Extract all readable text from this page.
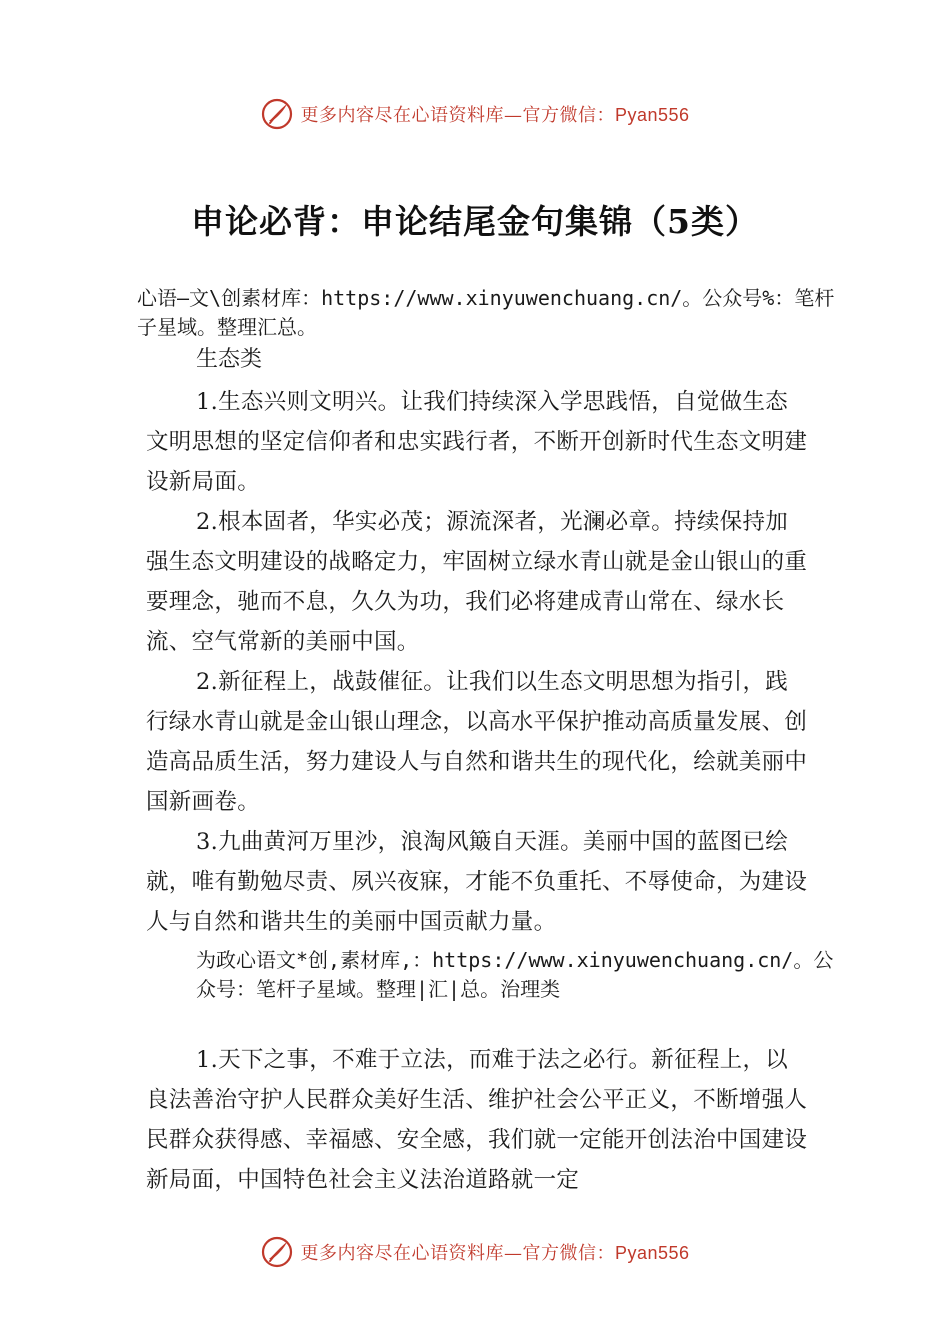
更多内容尽在心语资料库—官方微信：Pyan556
申论必背：申论结尾金句集锦（5类）

心语—文\创素材库：https://www.xinyuwenchuang.cn/。公众号%：笔杆子星域。整理汇总。

生态类

1.生态兴则文明兴。让我们持续深入学思践悟，自觉做生态文明思想的坚定信仰者和忠实践行者，不断开创新时代生态文明建设新局面。

2.根本固者，华实必茂；源流深者，光澜必章。持续保持加强生态文明建设的战略定力，牢固树立绿水青山就是金山银山的重要理念，驰而不息，久久为功，我们必将建成青山常在、绿水长流、空气常新的美丽中国。

2.新征程上，战鼓催征。让我们以生态文明思想为指引，践行绿水青山就是金山银山理念，以高水平保护推动高质量发展、创造高品质生活，努力建设人与自然和谐共生的现代化，绘就美丽中国新画卷。

3.九曲黄河万里沙，浪淘风簸自天涯。美丽中国的蓝图已绘就，唯有勤勉尽责、夙兴夜寐，才能不负重托、不辱使命，为建设人与自然和谐共生的美丽中国贡献力量。

为政心语文*创,素材库,：https://www.xinyuwenchuang.cn/。公众号：笔杆子星域。整理|汇|总。治理类

1.天下之事，不难于立法，而难于法之必行。新征程上，以良法善治守护人民群众美好生活、维护社会公平正义，不断增强人民群众获得感、幸福感、安全感，我们就一定能开创法治中国建设新局面，中国特色社会主义法治道路就一定

更多内容尽在心语资料库—官方微信：Pyan556
